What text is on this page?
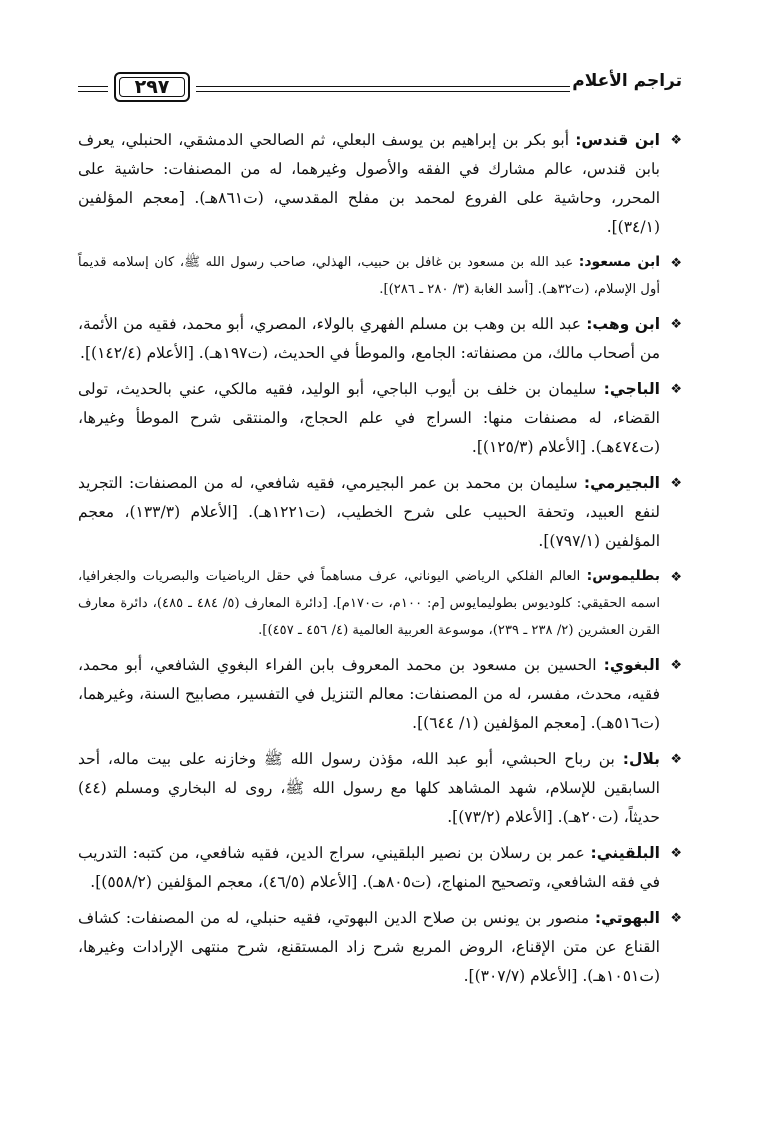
تراجم الأعلام
٢٩٧
❖
ابن قندس: أبو بكر بن إبراهيم بن يوسف البعلي، ثم الصالحي الدمشقي، الحنبلي، يعرف بابن قندس، عالم مشارك في الفقه والأصول وغيرهما، له من المصنفات: حاشية على المحرر، وحاشية على الفروع لمحمد بن مفلح المقدسي، (ت٨٦١هـ). [معجم المؤلفين (٣٤/١)].
❖
ابن مسعود: عبد الله بن مسعود بن غافل بن حبيب، الهذلي، صاحب رسول الله ﷺ، كان إسلامه قديماً أول الإسلام، (ت٣٢هـ). [أسد الغابة (٣/ ٢٨٠ ـ ٢٨٦)].
❖
ابن وهب: عبد الله بن وهب بن مسلم الفهري بالولاء، المصري، أبو محمد، فقيه من الأئمة، من أصحاب مالك، من مصنفاته: الجامع، والموطأ في الحديث، (ت١٩٧هـ). [الأعلام (١٤٢/٤)].
❖
الباجي: سليمان بن خلف بن أيوب الباجي، أبو الوليد، فقيه مالكي، عني بالحديث، تولى القضاء، له مصنفات منها: السراج في علم الحجاج، والمنتقى شرح الموطأ وغيرها، (ت٤٧٤هـ). [الأعلام (١٢٥/٣)].
❖
البجيرمي: سليمان بن محمد بن عمر البجيرمي، فقيه شافعي، له من المصنفات: التجريد لنفع العبيد، وتحفة الحبيب على شرح الخطيب، (ت١٢٢١هـ). [الأعلام (١٣٣/٣)، معجم المؤلفين (٧٩٧/١)].
❖
بطليموس: العالم الفلكي الرياضي اليوناني، عرف مساهماً في حقل الرياضيات والبصريات والجغرافيا، اسمه الحقيقي: كلوديوس بطوليمايوس [م: ١٠٠م، ت١٧٠م]. [دائرة المعارف (٥/ ٤٨٤ ـ ٤٨٥)، دائرة معارف القرن العشرين (٢/ ٢٣٨ ـ ٢٣٩)، موسوعة العربية العالمية (٤/ ٤٥٦ ـ ٤٥٧)].
❖
البغوي: الحسين بن مسعود بن محمد المعروف بابن الفراء البغوي الشافعي، أبو محمد، فقيه، محدث، مفسر، له من المصنفات: معالم التنزيل في التفسير، مصابيح السنة، وغيرهما، (ت٥١٦هـ). [معجم المؤلفين (١/ ٦٤٤)].
❖
بلال: بن رباح الحبشي، أبو عبد الله، مؤذن رسول الله ﷺ وخازنه على بيت ماله، أحد السابقين للإسلام، شهد المشاهد كلها مع رسول الله ﷺ، روى له البخاري ومسلم (٤٤) حديثاً، (ت٢٠هـ). [الأعلام (٧٣/٢)].
❖
البلقيني: عمر بن رسلان بن نصير البلقيني، سراج الدين، فقيه شافعي، من كتبه: التدريب في فقه الشافعي، وتصحيح المنهاج، (ت٨٠٥هـ). [الأعلام (٤٦/٥)، معجم المؤلفين (٥٥٨/٢)].
❖
البهوتي: منصور بن يونس بن صلاح الدين البهوتي، فقيه حنبلي، له من المصنفات: كشاف القناع عن متن الإقناع، الروض المربع شرح زاد المستقنع، شرح منتهى الإرادات وغيرها، (ت١٠٥١هـ). [الأعلام (٣٠٧/٧)].
